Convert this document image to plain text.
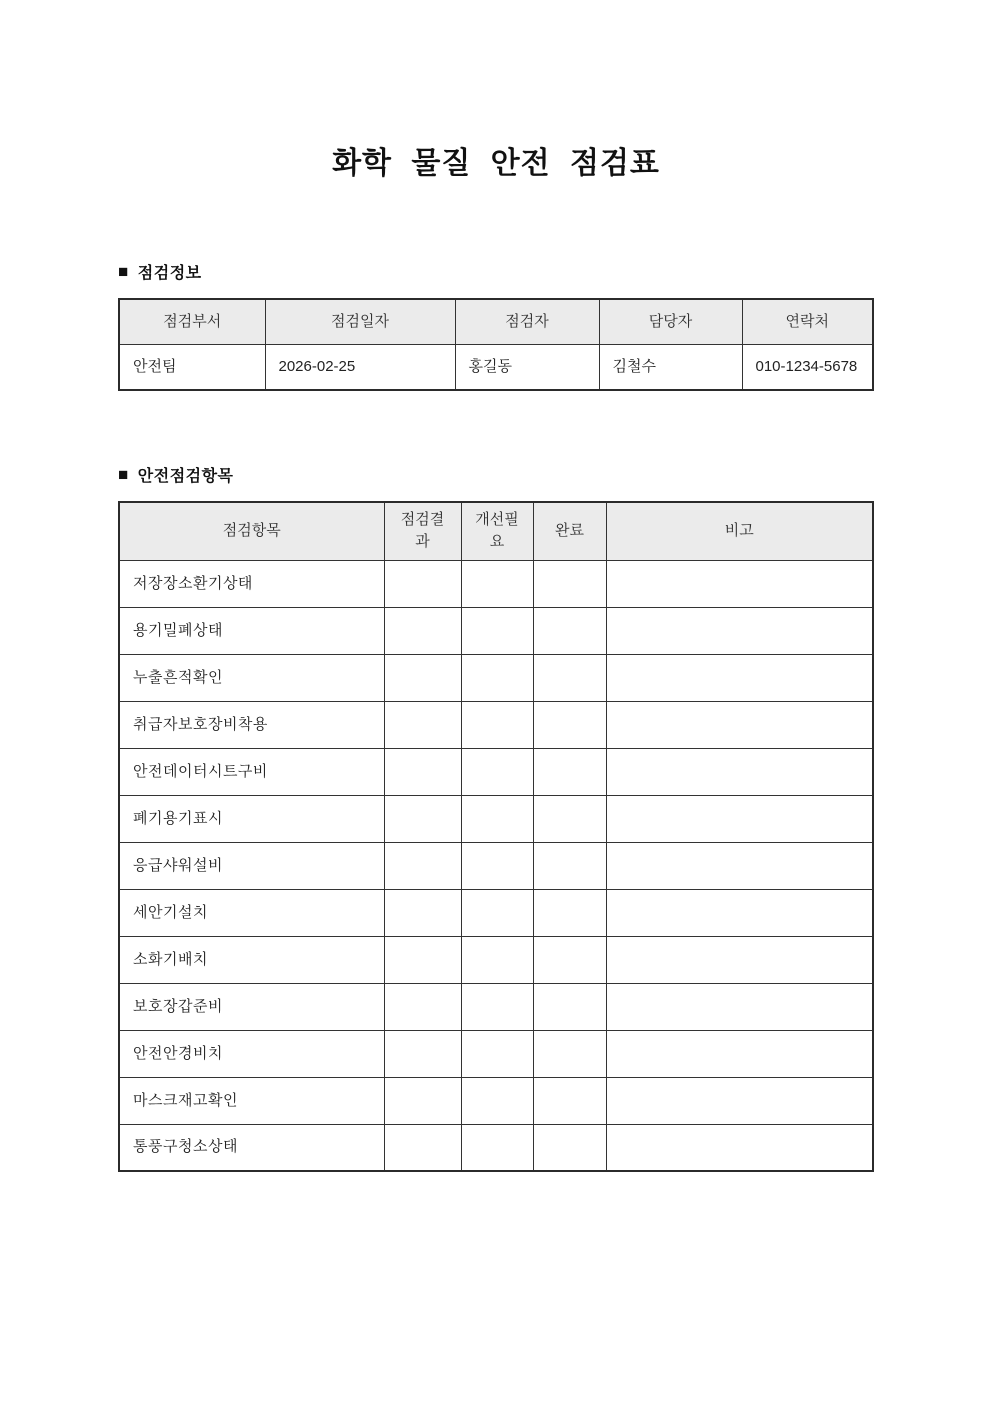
화학 물질 안전 점검표
■ 점검정보
점검부서	점검일자	점검자	담당자	연락처
안전팀	2026-02-25	홍길동	김철수	010-1234-5678
■ 안전점검항목
점검항목	점검결과	개선필요	완료	비고
저장장소환기상태				
용기밀폐상태				
누출흔적확인				
취급자보호장비착용				
안전데이터시트구비				
폐기용기표시				
응급샤워설비				
세안기설치				
소화기배치				
보호장갑준비				
안전안경비치				
마스크재고확인				
통풍구청소상태				
